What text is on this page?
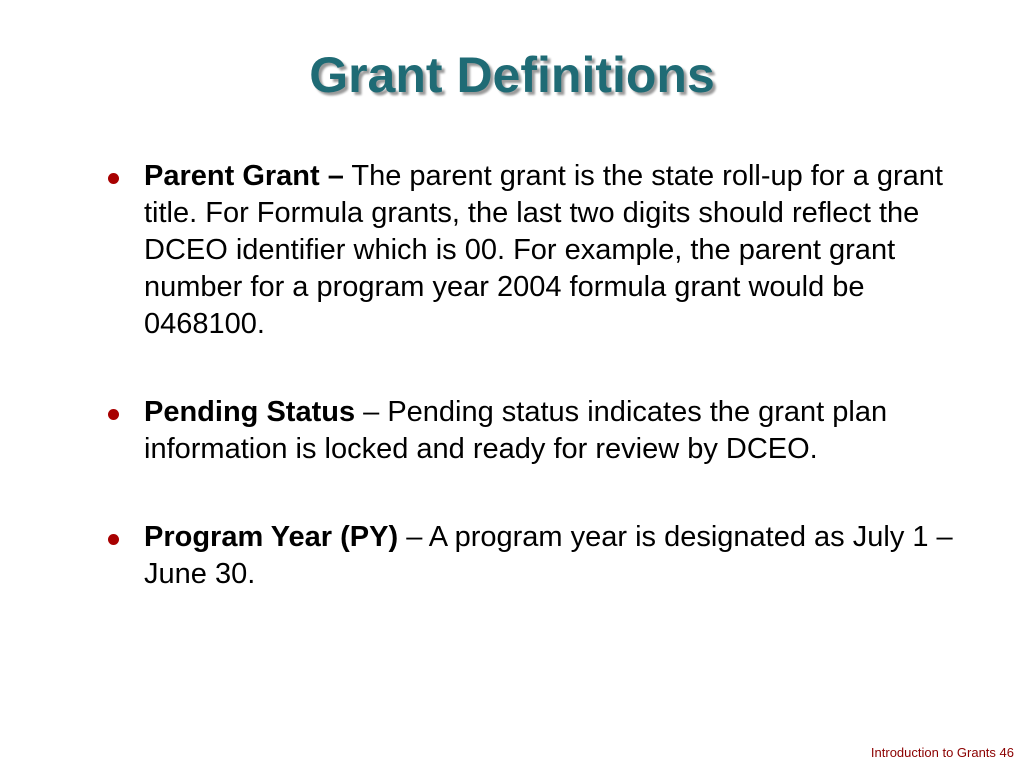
Grant Definitions
Parent Grant – The parent grant is the state roll-up for a grant title. For Formula grants, the last two digits should reflect the DCEO identifier which is 00. For example, the parent grant number for a program year 2004 formula grant would be 0468100.
Pending Status – Pending status indicates the grant plan information is locked and ready for review by DCEO.
Program Year (PY) – A program year is designated as July 1 – June 30.
Introduction to Grants 46
